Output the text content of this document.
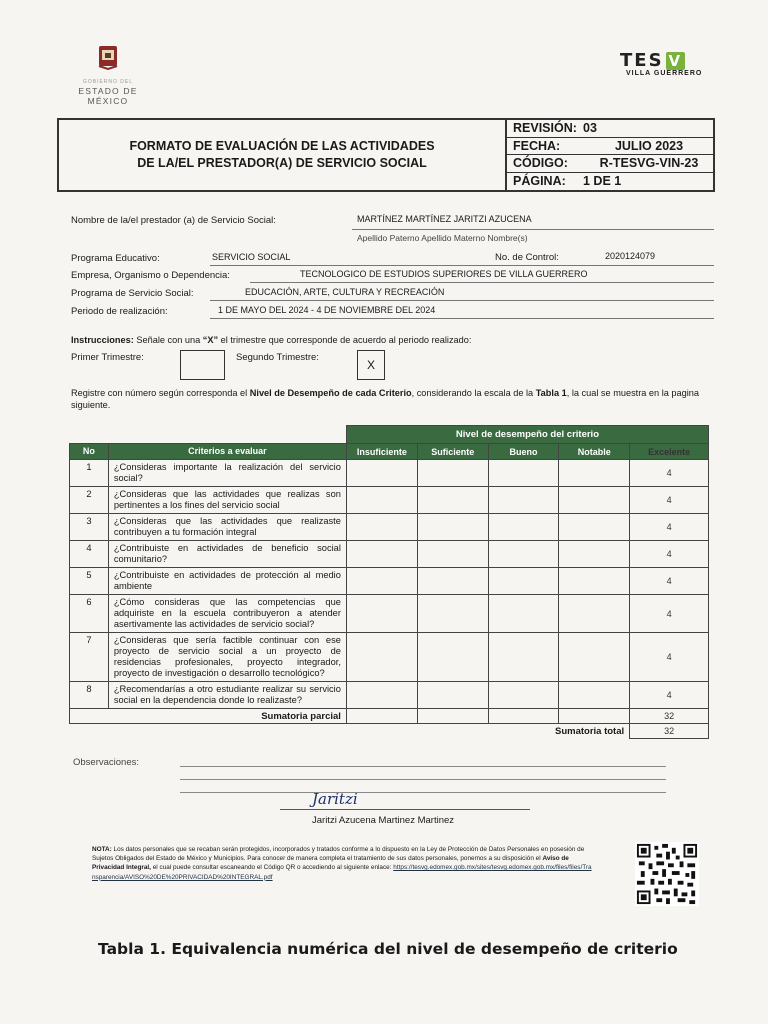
GOBIERNO DEL
ESTADO DE MÉXICO
TES V
VILLA GUERRERO
FORMATO DE EVALUACIÓN DE LAS ACTIVIDADES
DE LA/EL PRESTADOR(A) DE SERVICIO SOCIAL
REVISIÓN: 03
FECHA:	JULIO 2023
CÓDIGO:	R-TESVG-VIN-23
PÁGINA:	1 DE 1
Nombre de la/el prestador (a) de Servicio Social:	MARTÍNEZ MARTÍNEZ JARITZI AZUCENA
Apellido Paterno Apellido Materno Nombre(s)
Programa Educativo:	SERVICIO SOCIAL	No. de Control:	2020124079
Empresa, Organismo o Dependencia:	TECNOLOGICO DE ESTUDIOS SUPERIORES DE VILLA GUERRERO
Programa de Servicio Social:	EDUCACIÓN, ARTE, CULTURA Y RECREACIÓN
Periodo de realización:	1 DE MAYO DEL 2024 - 4 DE NOVIEMBRE DEL 2024
Instrucciones: Señale con una “X” el trimestre que corresponde de acuerdo al periodo realizado:
Primer Trimestre:	Segundo Trimestre:
X
Registre con número según corresponda el Nivel de Desempeño de cada Criterio, considerando la escala de la Tabla 1, la cual se muestra en la pagina siguiente.
		Nivel de desempeño del criterio				
No	Criterios a evaluar	Insuficiente	Suficiente	Bueno	Notable	Excelente
1	¿Consideras importante la realización del servicio social?					4
2	¿Consideras que las actividades que realizas son pertinentes a los fines del servicio social					4
3	¿Consideras que las actividades que realizaste contribuyen a tu formación integral					4
4	¿Contribuiste en actividades de beneficio social comunitario?					4
5	¿Contribuiste en actividades de protección al medio ambiente					4
6	¿Cómo consideras que las competencias que adquiriste en la escuela contribuyeron a atender asertivamente las actividades de servicio social?					4
7	¿Consideras que sería factible continuar con ese proyecto de servicio social a un proyecto de residencias profesionales, proyecto integrador, proyecto de investigación o desarrollo tecnológico?					4
8	¿Recomendarías a otro estudiante realizar su servicio social en la dependencia donde lo realizaste?					4
Sumatoria parcial						32
Sumatoria total						32
Observaciones:
Jaritzi
Jaritzi Azucena Martinez Martinez
NOTA: Los datos personales que se recaban serán protegidos, incorporados y tratados conforme a lo dispuesto en la Ley de Protección de Datos Personales en posesión de Sujetos Obligados del Estado de México y Municipios. Para conocer de manera completa el tratamiento de sus datos personales, ponemos a su disposición el Aviso de Privacidad Integral, el cual puede consultar escaneando el Código QR o accediendo al siguiente enlace: https://tesvg.edomex.gob.mx/sites/tesvg.edomex.gob.mx/files/files/Transparencia/AVISO%20DE%20PRIVACIDAD%20INTEGRAL.pdf
Tabla 1. Equivalencia numérica del nivel de desempeño de criterio
